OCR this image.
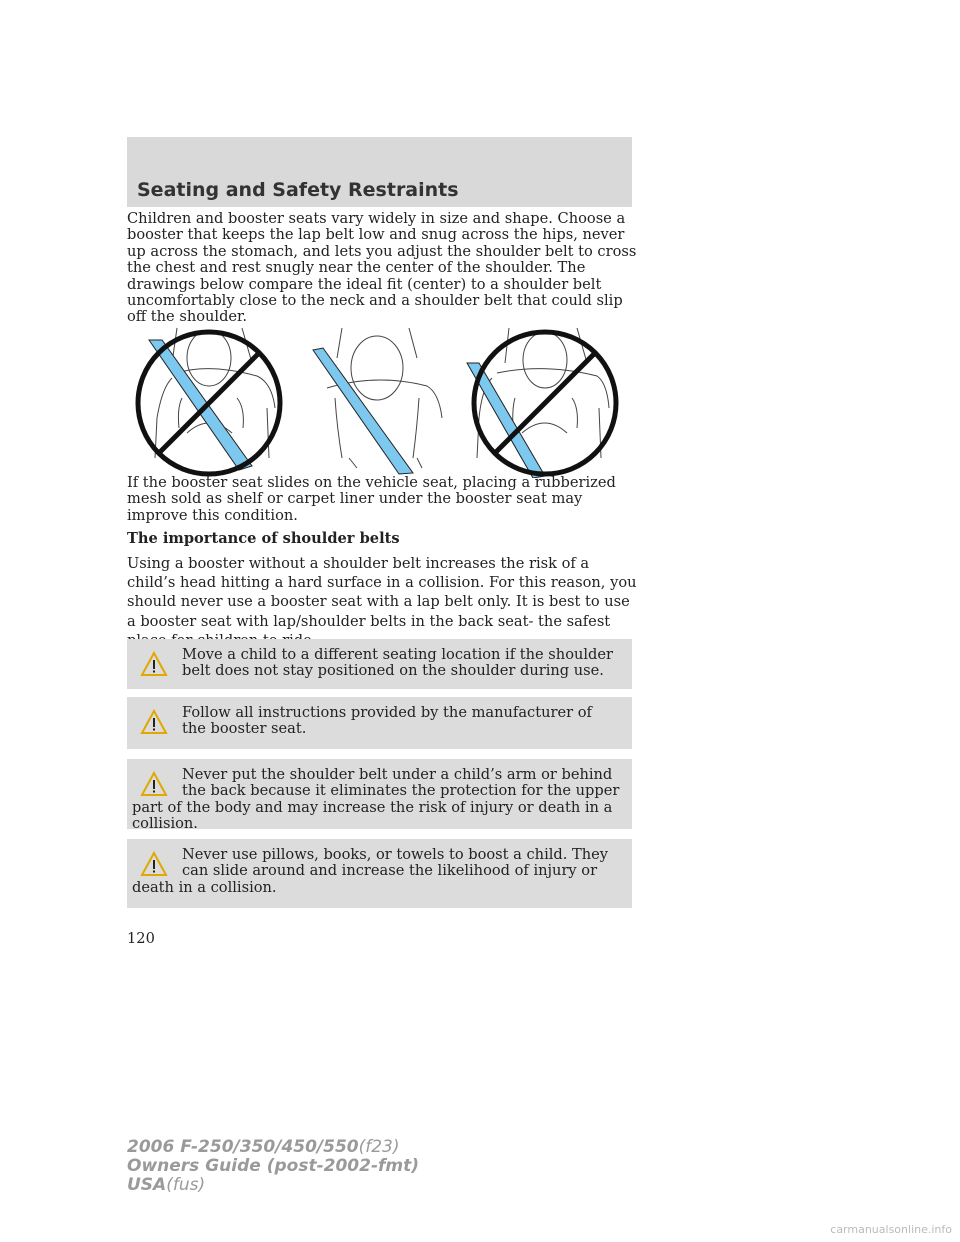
Seating and Safety Restraints

Children and booster seats vary widely in size and shape. Choose a booster that keeps the lap belt low and snug across the hips, never up across the stomach, and lets you adjust the shoulder belt to cross the chest and rest snugly near the center of the shoulder. The drawings below compare the ideal fit (center) to a shoulder belt uncomfortably close to the neck and a shoulder belt that could slip off the shoulder.

If the booster seat slides on the vehicle seat, placing a rubberized mesh sold as shelf or carpet liner under the booster seat may improve this condition.

The importance of shoulder belts

Using a booster without a shoulder belt increases the risk of a child’s head hitting a hard surface in a collision. For this reason, you should never use a booster seat with a lap belt only. It is best to use a booster seat with lap/shoulder belts in the back seat- the safest

Move a child to a different seating location if the shoulder belt does not stay positioned on the shoulder during use.

Follow all instructions provided by the manufacturer of the booster seat.

Never put the shoulder belt under a child’s arm or behind the back because it eliminates the protection for the upper part of the body and may increase the risk of injury or death in a collision.

Never use pillows, books, or towels to boost a child. They can slide around and increase the likelihood of injury or death in a collision.

120

2006 F-250/350/450/550(f23)
Owners Guide (post-2002-fmt)
USA(fus)

carmanualsonline.info
